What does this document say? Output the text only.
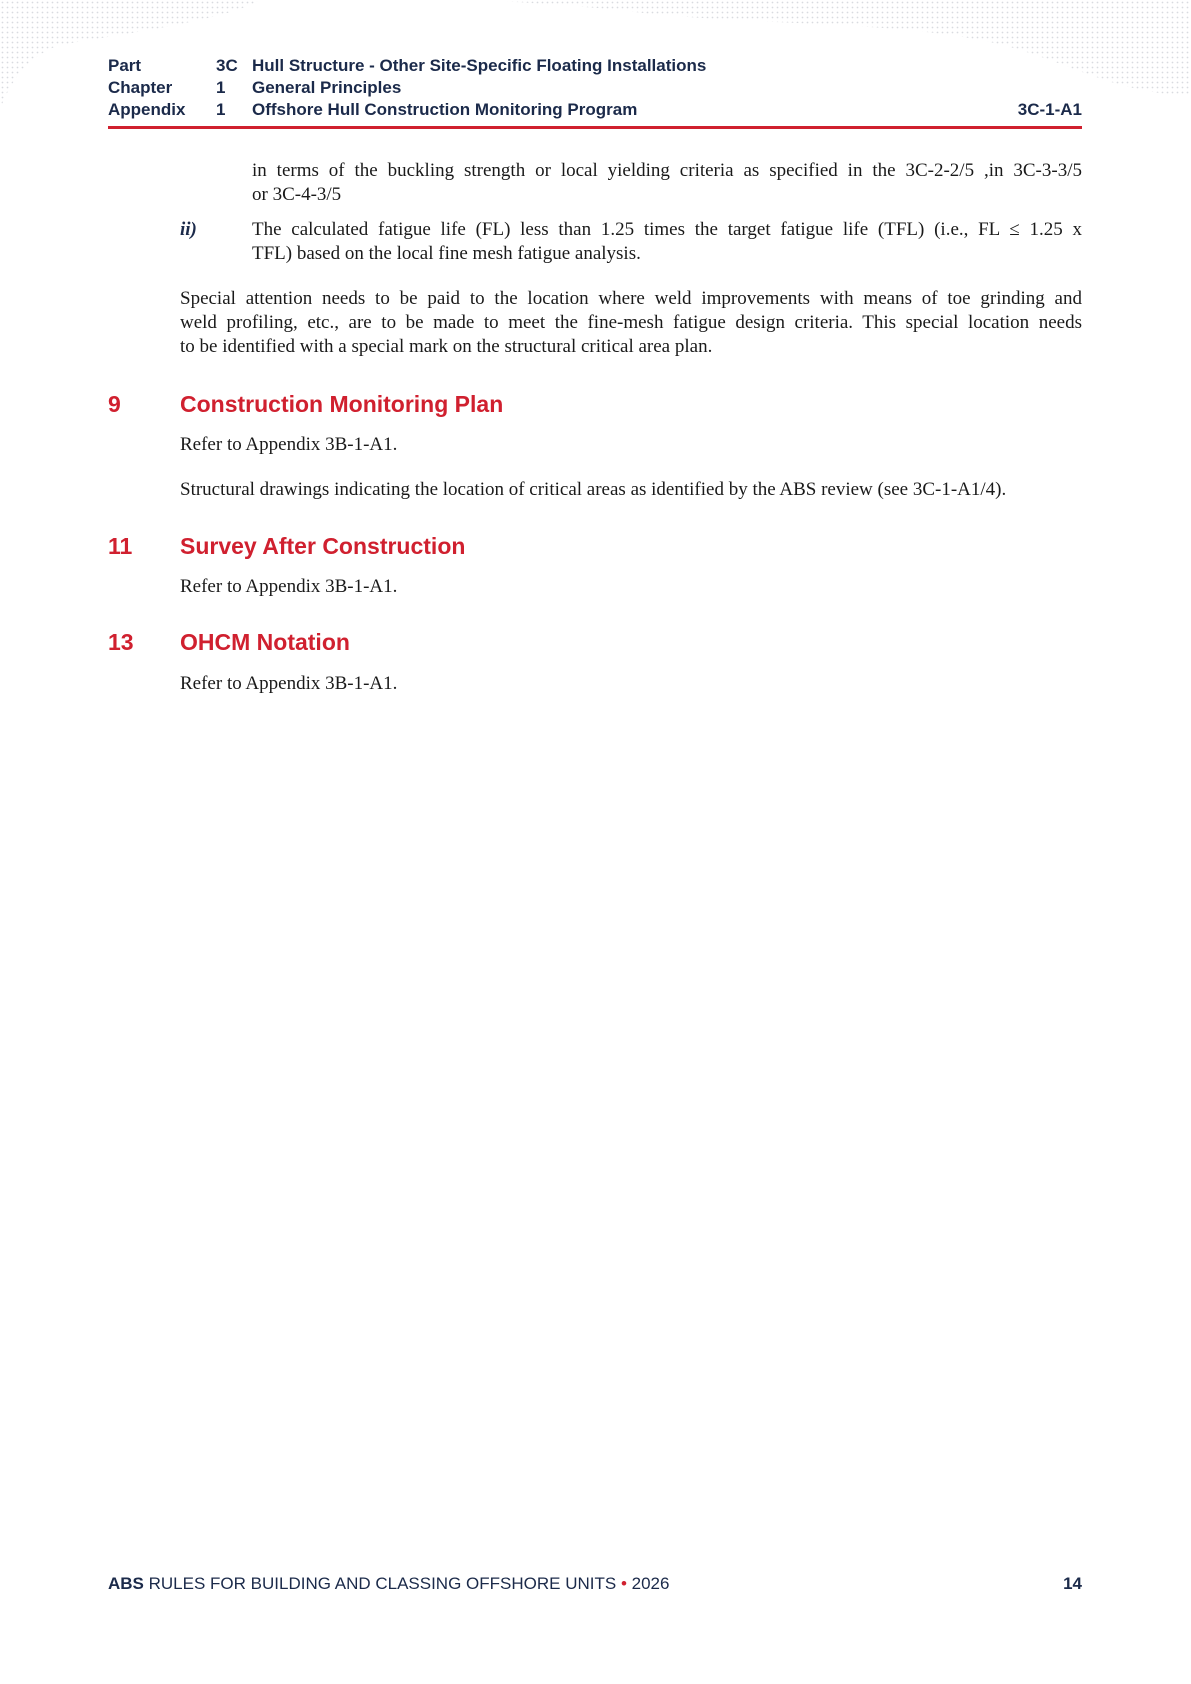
Part	3C Hull Structure - Other Site-Specific Floating Installations
Chapter	1 General Principles
Appendix 1 Offshore Hull Construction Monitoring Program	3C-1-A1
in terms of the buckling strength or local yielding criteria as specified in the 3C-2-2/5 ,in 3C-3-3/5
or 3C-4-3/5
ii)	The calculated fatigue life (FL) less than 1.25 times the target fatigue life (TFL) (i.e., FL ≤ 1.25 x
TFL) based on the local fine mesh fatigue analysis.
Special attention needs to be paid to the location where weld improvements with means of toe grinding and
weld profiling, etc., are to be made to meet the fine-mesh fatigue design criteria. This special location needs
to be identified with a special mark on the structural critical area plan.
9	Construction Monitoring Plan
Refer to Appendix 3B-1-A1.
Structural drawings indicating the location of critical areas as identified by the ABS review (see 3C-1-A1/4).
11 Survey After Construction
Refer to Appendix 3B-1-A1.
13 OHCM Notation
Refer to Appendix 3B-1-A1.
ABS RULES FOR BUILDING AND CLASSING OFFSHORE UNITS • 2026	14
